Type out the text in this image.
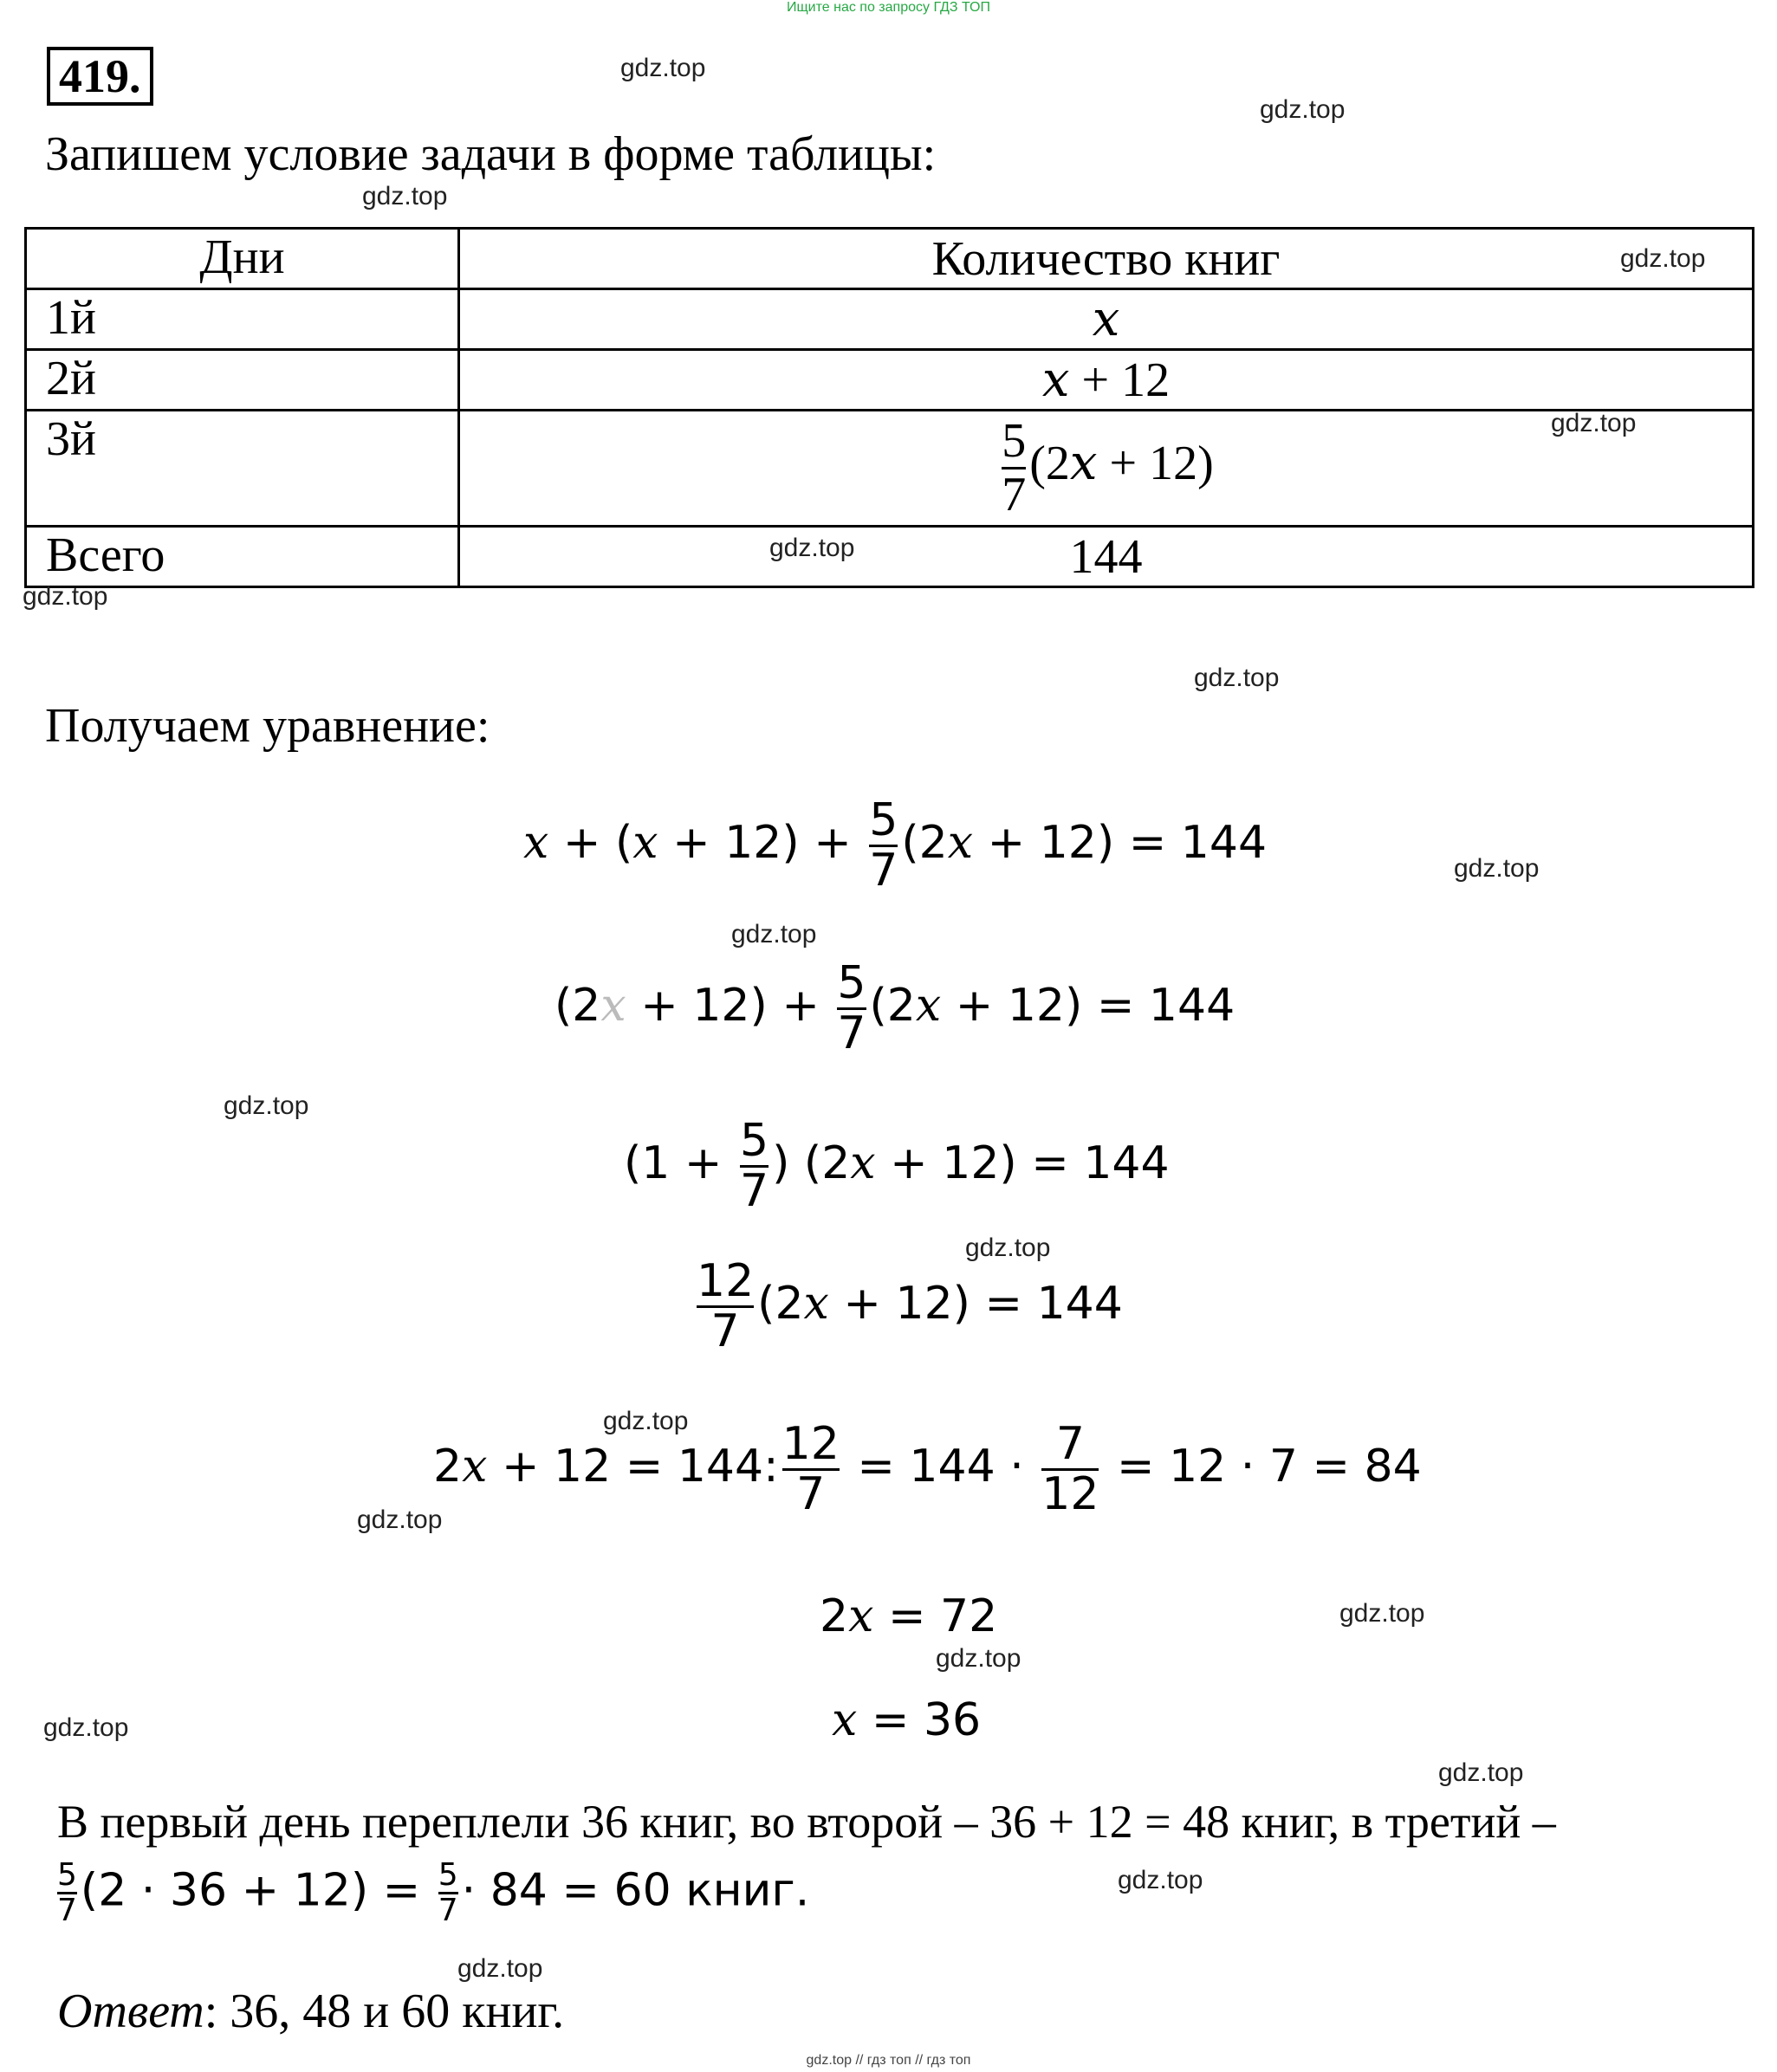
Ищите нас по запросу ГДЗ ТОП
419.
Запишем условие задачи в форме таблицы:
Дни	Количество книг
1й	x
2й	x + 12
3й	$\frac{5}{7} (2x + 12)$
Всего	144
Получаем уравнение:
$x + (x + 12) + \frac{5}{7} (2x + 12) = 144$
$(2x + 12) + \frac{5}{7} (2x + 12) = 144$
($1 + \frac{5}{7}$ ) (2x + 12) = 144
$\frac{12}{7} (2x + 12) = 144$
2x + 12 = 144: $\frac{12}{7} = 144 \cdot \frac{7}{12} = 12 \cdot 7 = 84$
2x = 72
x = 36
В первый день переплели 36 книг, во второй – 36 + 12 = 48 книг, в третий –
$\frac{5}{7} (2 \cdot 36 + 12) = \frac{5}{7} \cdot 84 = 60$ книг.
Ответ: 36, 48 и 60 книг.
gdz.top
gdz.top
gdz.top
gdz.top
gdz.top
gdz.top
gdz.top
gdz.top
gdz.top
gdz.top
gdz.top
gdz.top
gdz.top
gdz.top
gdz.top
gdz.top
gdz.top
gdz.top
gdz.top
gdz.top
gdz.top // гдз топ // гдз топ
